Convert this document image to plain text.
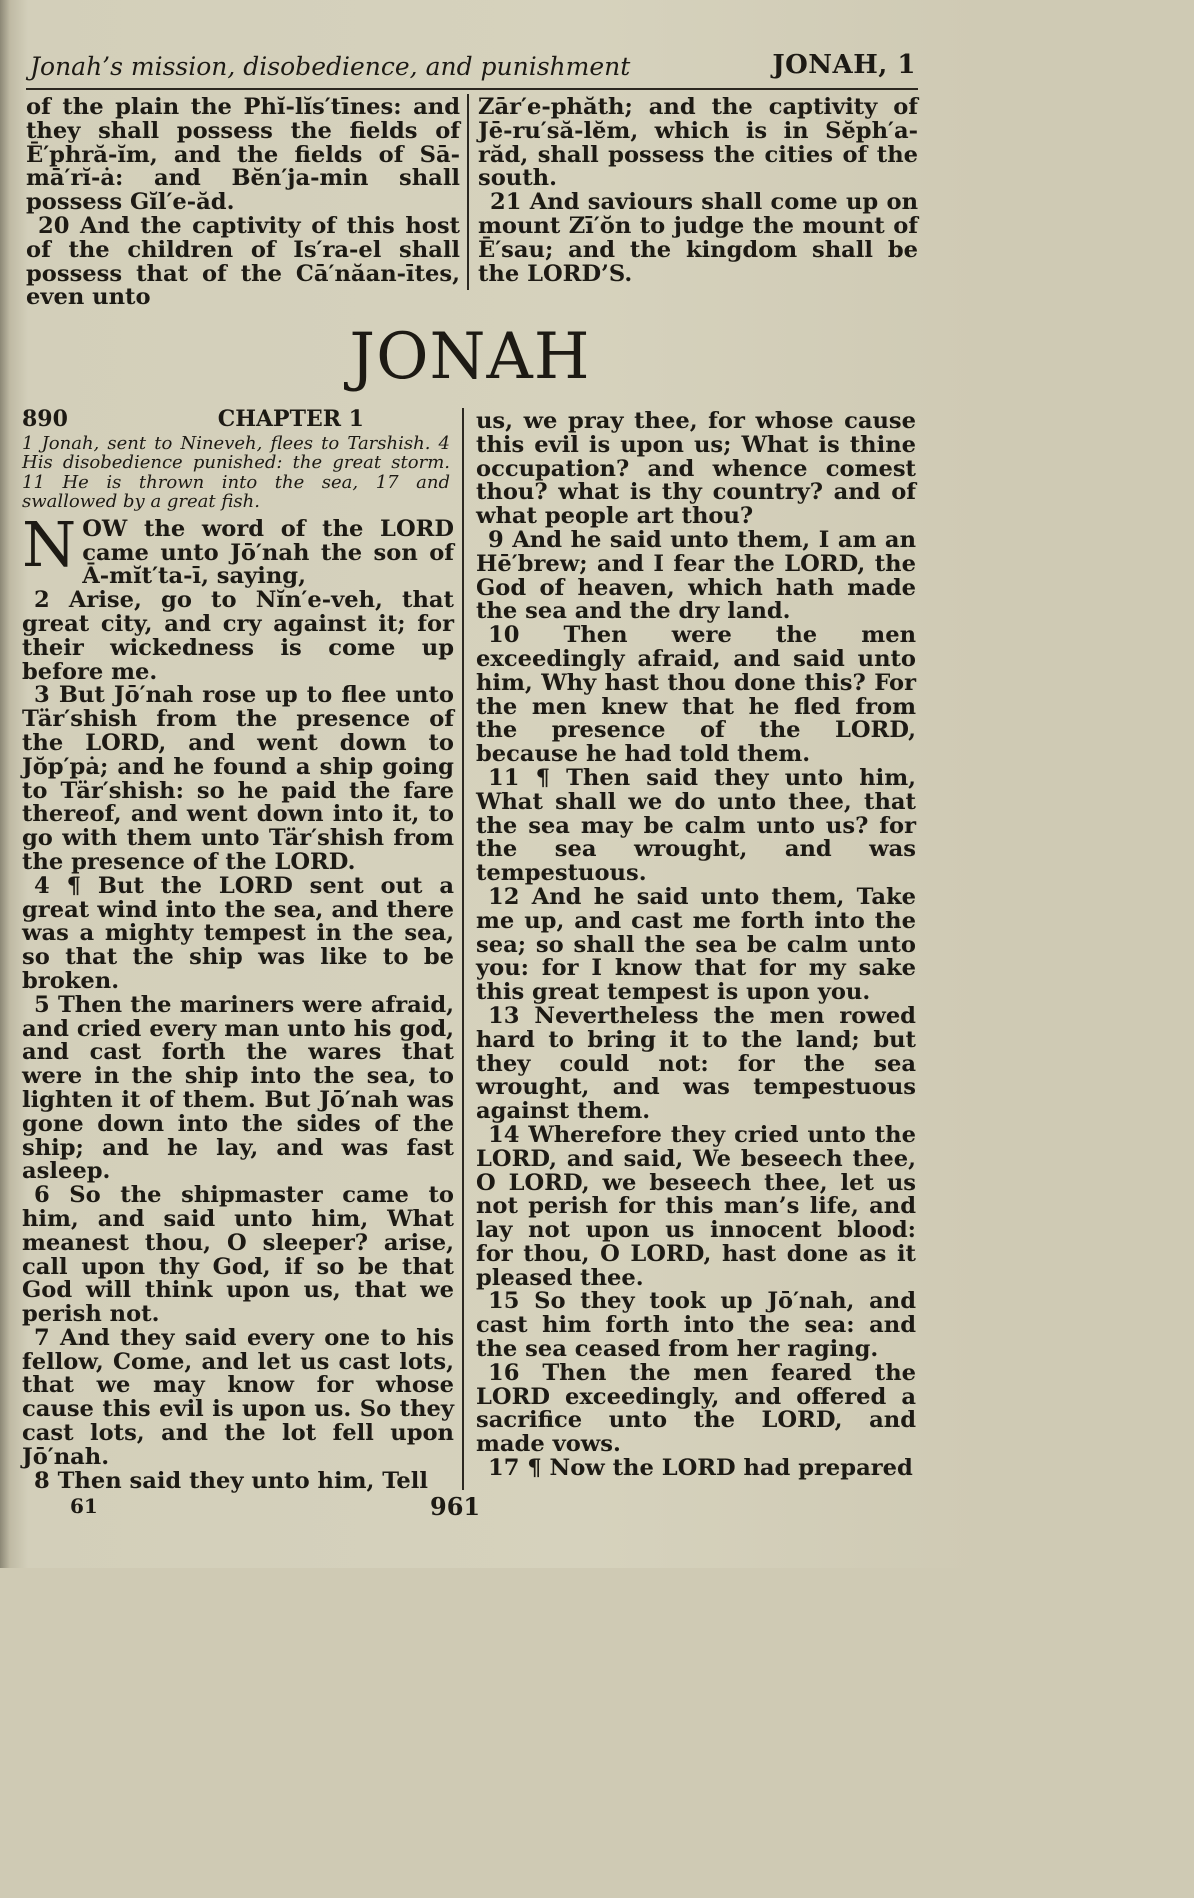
Jonah’s mission, disobedience, and punishment	JONAH, 1

of the plain the Phĭ-lĭs′tīnes: and they shall possess the fields of Ē′phră-ĭm, and the fields of Sā-mā′rĭ-ȧ: and Bĕn′ja-min shall possess Gĭl′e-ăd.

20 And the captivity of this host of the children of Is′ra-el shall possess that of the Cā′năan-ītes, even unto

Zār′e-phăth; and the captivity of Jē-ru′să-lĕm, which is in Sĕph′a-răd, shall possess the cities of the south.

21 And saviours shall come up on mount Zī′ŏn to judge the mount of Ē′sau; and the kingdom shall be the LORD’S.

JONAH
890	CHAPTER 1
1 Jonah, sent to Nineveh, flees to Tarshish. 4 His disobedience punished: the great storm. 11 He is thrown into the sea, 17 and swallowed by a great fish.

NOW the word of the LORD came unto Jō′nah the son of Ā-mĭt′ta-ī, saying,

2 Arise, go to Nĭn′e-veh, that great city, and cry against it; for their wickedness is come up before me.

3 But Jō′nah rose up to flee unto Tär′shish from the presence of the LORD, and went down to Jŏp′pȧ; and he found a ship going to Tär′shish: so he paid the fare thereof, and went down into it, to go with them unto Tär′shish from the presence of the LORD.

4 ¶ But the LORD sent out a great wind into the sea, and there was a mighty tempest in the sea, so that the ship was like to be broken.

5 Then the mariners were afraid, and cried every man unto his god, and cast forth the wares that were in the ship into the sea, to lighten it of them. But Jō′nah was gone down into the sides of the ship; and he lay, and was fast asleep.

6 So the shipmaster came to him, and said unto him, What meanest thou, O sleeper? arise, call upon thy God, if so be that God will think upon us, that we perish not.

7 And they said every one to his fellow, Come, and let us cast lots, that we may know for whose cause this evil is upon us. So they cast lots, and the lot fell upon Jō′nah.

8 Then said they unto him, Tell

us, we pray thee, for whose cause this evil is upon us; What is thine occupation? and whence comest thou? what is thy country? and of what people art thou?

9 And he said unto them, I am an Hē′brew; and I fear the LORD, the God of heaven, which hath made the sea and the dry land.

10 Then were the men exceedingly afraid, and said unto him, Why hast thou done this? For the men knew that he fled from the presence of the LORD, because he had told them.

11 ¶ Then said they unto him, What shall we do unto thee, that the sea may be calm unto us? for the sea wrought, and was tempestuous.

12 And he said unto them, Take me up, and cast me forth into the sea; so shall the sea be calm unto you: for I know that for my sake this great tempest is upon you.

13 Nevertheless the men rowed hard to bring it to the land; but they could not: for the sea wrought, and was tempestuous against them.

14 Wherefore they cried unto the LORD, and said, We beseech thee, O LORD, we beseech thee, let us not perish for this man’s life, and lay not upon us innocent blood: for thou, O LORD, hast done as it pleased thee.

15 So they took up Jō′nah, and cast him forth into the sea: and the sea ceased from her raging.

16 Then the men feared the LORD exceedingly, and offered a sacrifice unto the LORD, and made vows.

17 ¶ Now the LORD had prepared

61	961
